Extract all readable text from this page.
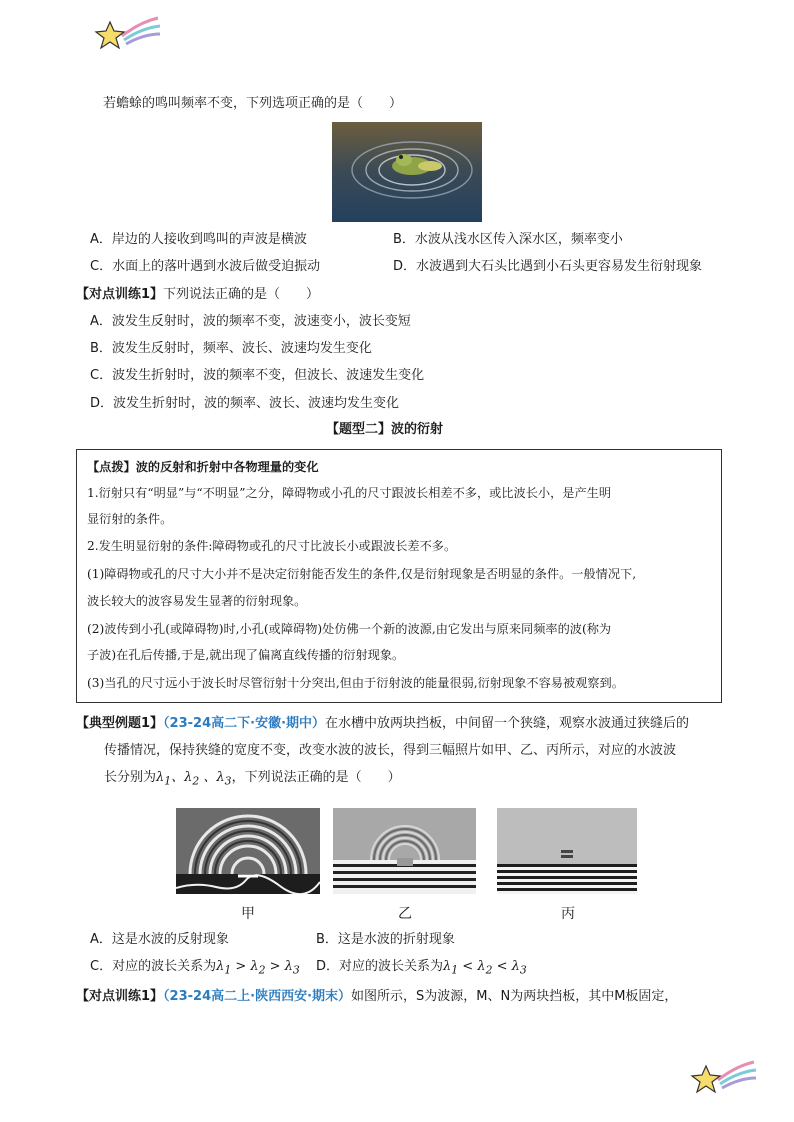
若蟾蜍的鸣叫频率不变，下列选项正确的是（　　）
A．岸边的人接收到鸣叫的声波是横波	B．水波从浅水区传入深水区，频率变小
C．水面上的落叶遇到水波后做受迫振动	D．水波遇到大石头比遇到小石头更容易发生衍射现象
【对点训练1】下列说法正确的是（　　）
A．波发生反射时，波的频率不变，波速变小，波长变短
B．波发生反射时，频率、波长、波速均发生变化
C．波发生折射时，波的频率不变，但波长、波速发生变化
D．波发生折射时，波的频率、波长、波速均发生变化
【题型二】波的衍射
【点拨】波的反射和折射中各物理量的变化
1.衍射只有“明显”与“不明显”之分，障碍物或小孔的尺寸跟波长相差不多，或比波长小，是产生明
显衍射的条件。
2.发生明显衍射的条件:障碍物或孔的尺寸比波长小或跟波长差不多。
(1)障碍物或孔的尺寸大小并不是决定衍射能否发生的条件,仅是衍射现象是否明显的条件。一般情况下,
波长较大的波容易发生显著的衍射现象。
(2)波传到小孔(或障碍物)时,小孔(或障碍物)处仿佛一个新的波源,由它发出与原来同频率的波(称为
子波)在孔后传播,于是,就出现了偏离直线传播的衍射现象。
(3)当孔的尺寸远小于波长时尽管衍射十分突出,但由于衍射波的能量很弱,衍射现象不容易被观察到。
【典型例题1】（23-24高二下·安徽·期中）在水槽中放两块挡板，中间留一个狭缝，观察水波通过狭缝后的
传播情况，保持狭缝的宽度不变，改变水波的波长，得到三幅照片如甲、乙、丙所示，对应的水波波
长分别为$\lambda_1$、$\lambda_2$ 、$\lambda_3$，下列说法正确的是（　　）
甲	乙	丙
A．这是水波的反射现象	B．这是水波的折射现象
C．对应的波长关系为$\lambda_1 > \lambda_2 > \lambda_3$ D．对应的波长关系为$\lambda_1 < \lambda_2 < \lambda_3$
【对点训练1】（23-24高二上·陕西西安·期末）如图所示，S为波源，M、N为两块挡板，其中M板固定，
